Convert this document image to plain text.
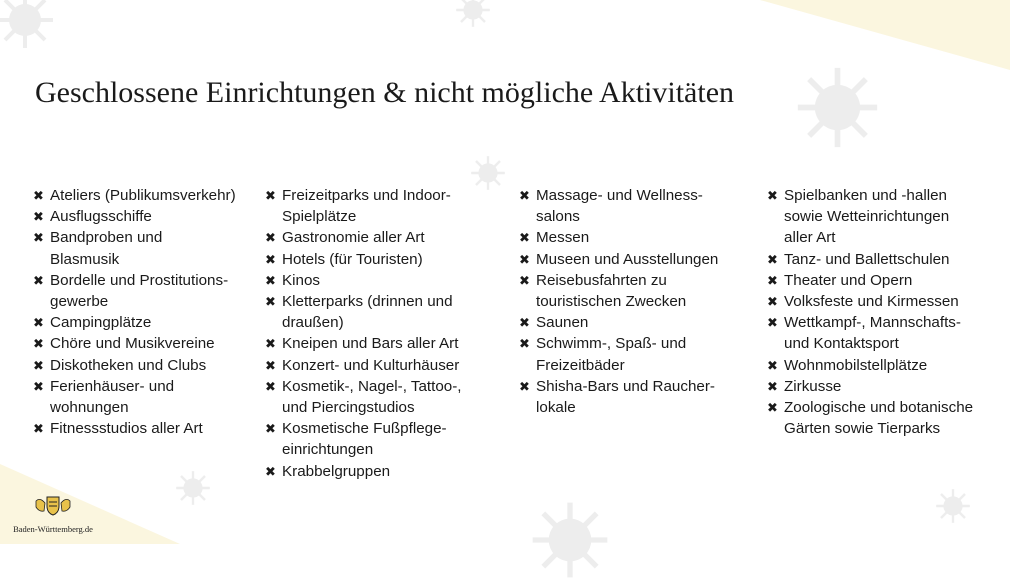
Geschlossene Einrichtungen & nicht mögliche Aktivitäten
✖ Ateliers (Publikumsverkehr)
✖ Ausflugsschiffe
✖ Bandproben und
Blasmusik
✖ Bordelle und Prostitutions-
gewerbe
✖ Campingplätze
✖ Chöre und Musikvereine
✖ Diskotheken und Clubs
✖ Ferienhäuser- und
wohnungen
✖ Fitnessstudios aller Art
✖ Freizeitparks und Indoor-
Spielplätze
✖ Gastronomie aller Art
✖ Hotels (für Touristen)
✖ Kinos
✖ Kletterparks (drinnen und
draußen)
✖ Kneipen und Bars aller Art
✖ Konzert- und Kulturhäuser
✖ Kosmetik-, Nagel-, Tattoo-,
und Piercingstudios
✖ Kosmetische Fußpflege-
einrichtungen
✖ Krabbelgruppen
✖ Massage- und Wellness-
salons
✖ Messen
✖ Museen und Ausstellungen
✖ Reisebusfahrten zu
touristischen Zwecken
✖ Saunen
✖ Schwimm-, Spaß- und
Freizeitbäder
✖ Shisha-Bars und Raucher-
lokale
✖ Spielbanken und -hallen
sowie Wetteinrichtungen
aller Art
✖ Tanz- und Ballettschulen
✖ Theater und Opern
✖ Volksfeste und Kirmessen
✖ Wettkampf-, Mannschafts-
und Kontaktsport
✖ Wohnmobilstellplätze
✖ Zirkusse
✖ Zoologische und botanische
Gärten sowie Tierparks
Baden-Württemberg.de
